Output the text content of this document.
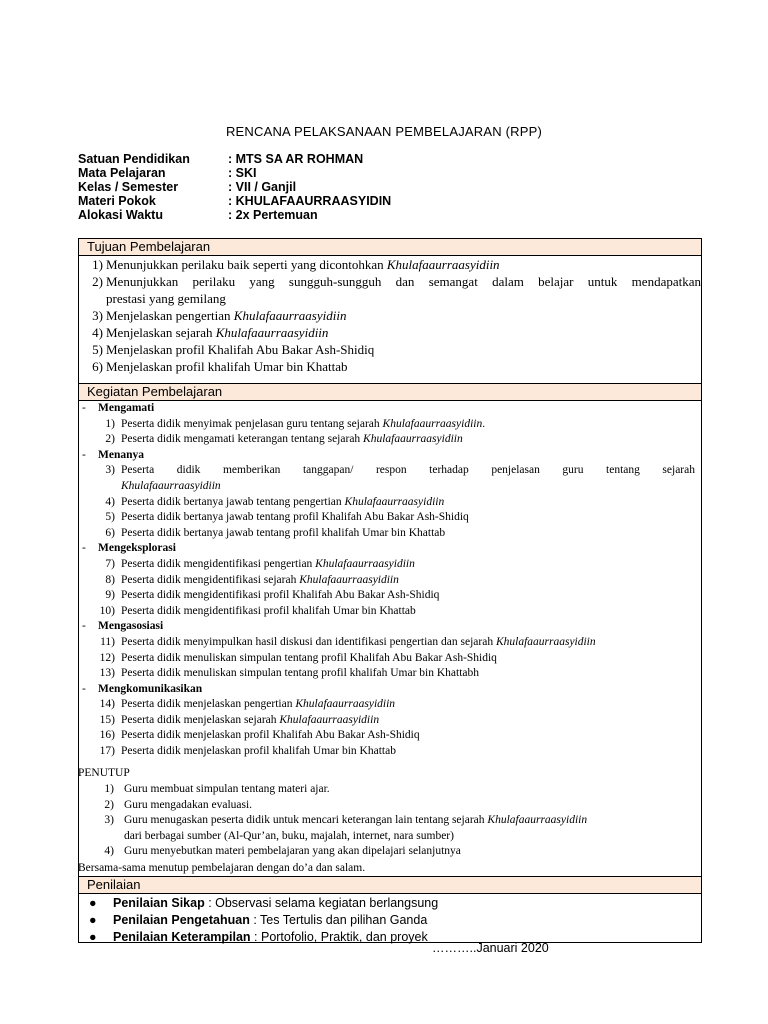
RENCANA PELAKSANAAN PEMBELAJARAN (RPP)
Satuan Pendidikan	: MTS SA AR ROHMAN
Mata Pelajaran	: SKI
Kelas / Semester	: VII / Ganjil
Materi Pokok	: KHULAFAAURRAASYIDIN
Alokasi Waktu	: 2x Pertemuan
Tujuan Pembelajaran
1) Menunjukkan perilaku baik seperti yang dicontohkan Khulafaaurraasyidiin
2) Menunjukkan perilaku yang sungguh-sungguh dan semangat dalam belajar untuk mendapatkan
prestasi yang gemilang
3) Menjelaskan pengertian Khulafaaurraasyidiin
4) Menjelaskan sejarah Khulafaaurraasyidiin
5) Menjelaskan profil Khalifah Abu Bakar Ash-Shidiq
6) Menjelaskan profil khalifah Umar bin Khattab
Kegiatan Pembelajaran
- Mengamati
1) Peserta didik menyimak penjelasan guru tentang sejarah Khulafaaurraasyidiin.
2) Peserta didik mengamati keterangan tentang sejarah Khulafaaurraasyidiin
- Menanya
3) Peserta didik memberikan tanggapan/ respon terhadap penjelasan guru tentang sejarah
Khulafaaurraasyidiin
4) Peserta didik bertanya jawab tentang pengertian Khulafaaurraasyidiin
5) Peserta didik bertanya jawab tentang profil Khalifah Abu Bakar Ash-Shidiq
6) Peserta didik bertanya jawab tentang profil khalifah Umar bin Khattab
- Mengeksplorasi
7) Peserta didik mengidentifikasi pengertian Khulafaaurraasyidiin
8) Peserta didik mengidentifikasi sejarah Khulafaaurraasyidiin
9) Peserta didik mengidentifikasi profil Khalifah Abu Bakar Ash-Shidiq
10) Peserta didik mengidentifikasi profil khalifah Umar bin Khattab
- Mengasosiasi
11) Peserta didik menyimpulkan hasil diskusi dan identifikasi pengertian dan sejarah Khulafaaurraasyidiin
12) Peserta didik menuliskan simpulan tentang profil Khalifah Abu Bakar Ash-Shidiq
13) Peserta didik menuliskan simpulan tentang profil khalifah Umar bin Khattabh
- Mengkomunikasikan
14) Peserta didik menjelaskan pengertian Khulafaaurraasyidiin
15) Peserta didik menjelaskan sejarah Khulafaaurraasyidiin
16) Peserta didik menjelaskan profil Khalifah Abu Bakar Ash-Shidiq
17) Peserta didik menjelaskan profil khalifah Umar bin Khattab
PENUTUP
1) Guru membuat simpulan tentang materi ajar.
2) Guru mengadakan evaluasi.
3) Guru menugaskan peserta didik untuk mencari keterangan lain tentang sejarah Khulafaaurraasyidiin
dari berbagai sumber (Al-Qur’an, buku, majalah, internet, nara sumber)
4) Guru menyebutkan materi pembelajaran yang akan dipelajari selanjutnya
Bersama-sama menutup pembelajaran dengan do’a dan salam.
Penilaian
● Penilaian Sikap : Observasi selama kegiatan berlangsung
● Penilaian Pengetahuan : Tes Tertulis dan pilihan Ganda
● Penilaian Keterampilan : Portofolio, Praktik, dan proyek
………..Januari 2020
